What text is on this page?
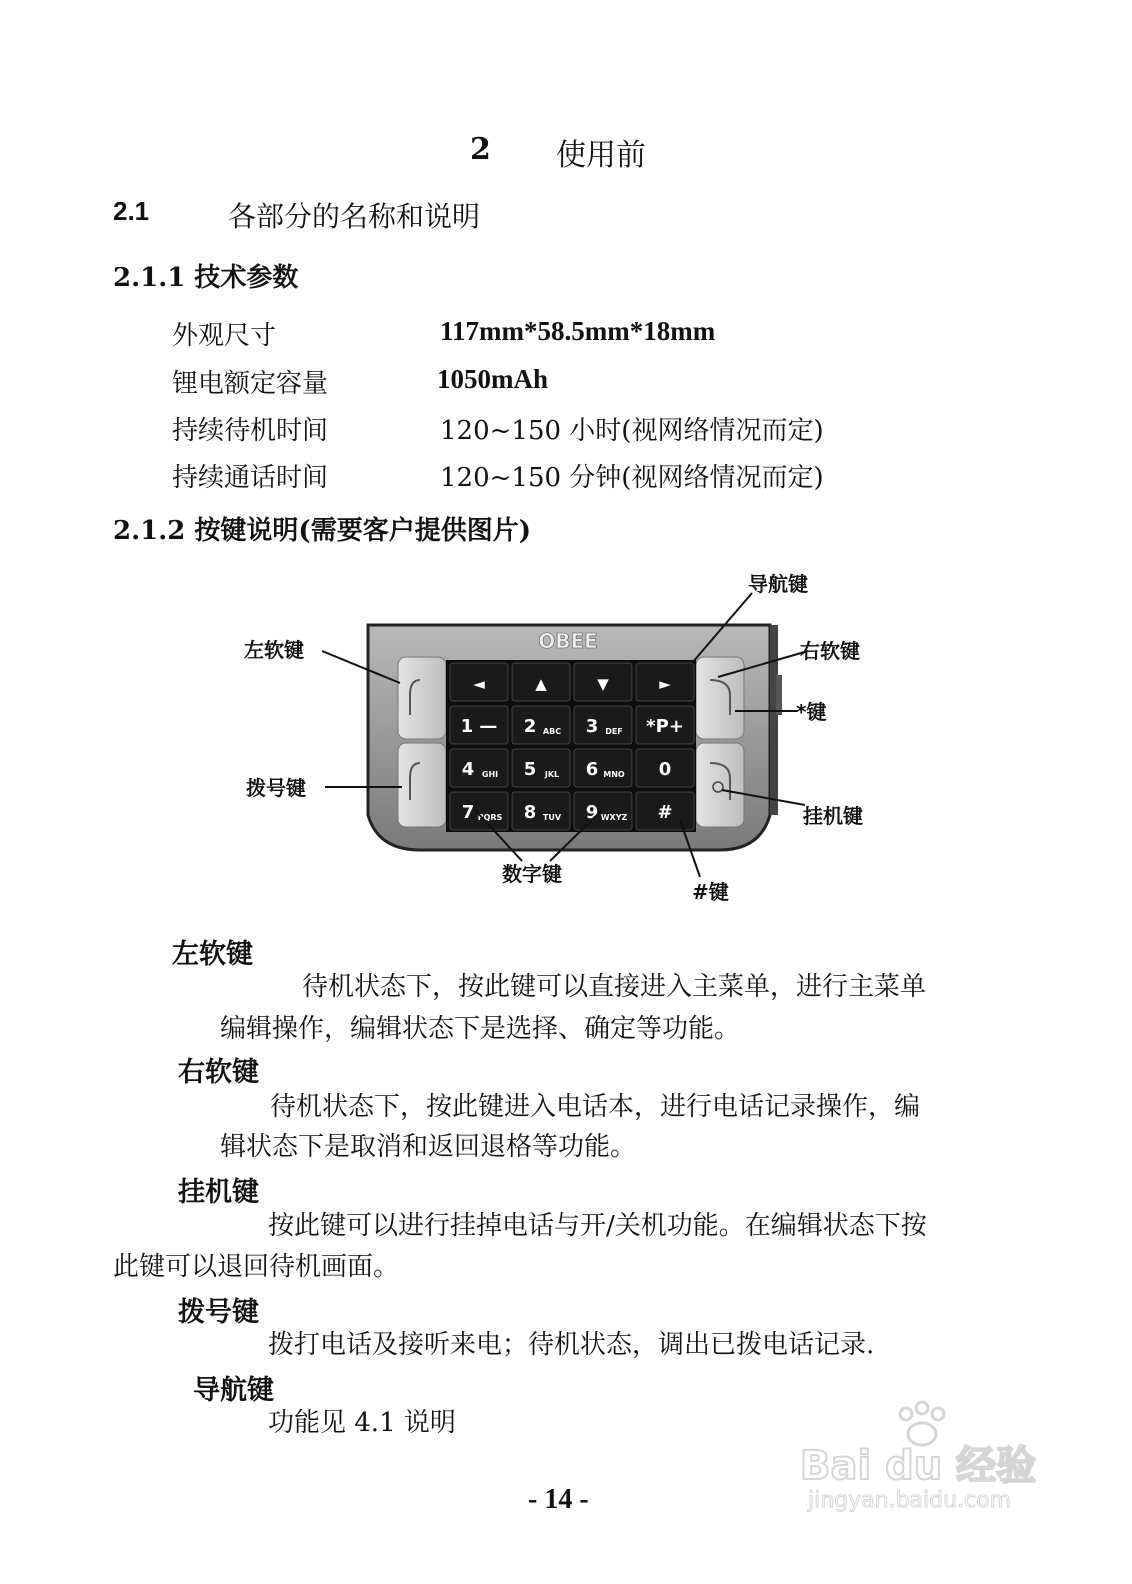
2 使用前
2.1	各部分的名称和说明
2.1.1 技术参数
外观尺寸	117mm*58.5mm*18mm
锂电额定容量	1050mAh
持续待机时间	120~150 小时(视网络情况而定)
持续通话时间	120~150 分钟(视网络情况而定)
2.1.2 按键说明(需要客户提供图片)
OBEE
◄	▲	▼	►
1 — 2 ABC 3 DEF *P+
4 GHI 5 JKL 6 MNO 0
7 PQRS 8 TUV 9 WXYZ #
导航键
左软键	右软键
*键
拨号键
挂机键
数字键
#键
左软键
待机状态下，按此键可以直接进入主菜单，进行主菜单
编辑操作，编辑状态下是选择、确定等功能。
右软键
待机状态下，按此键进入电话本，进行电话记录操作，编
辑状态下是取消和返回退格等功能。
挂机键
按此键可以进行挂掉电话与开/关机功能。在编辑状态下按
此键可以退回待机画面。
拨号键
拨打电话及接听来电；待机状态，调出已拨电话记录.
导航键
功能见 4.1 说明
- 14 -
Bai du 经验
jingyan.baidu.com
